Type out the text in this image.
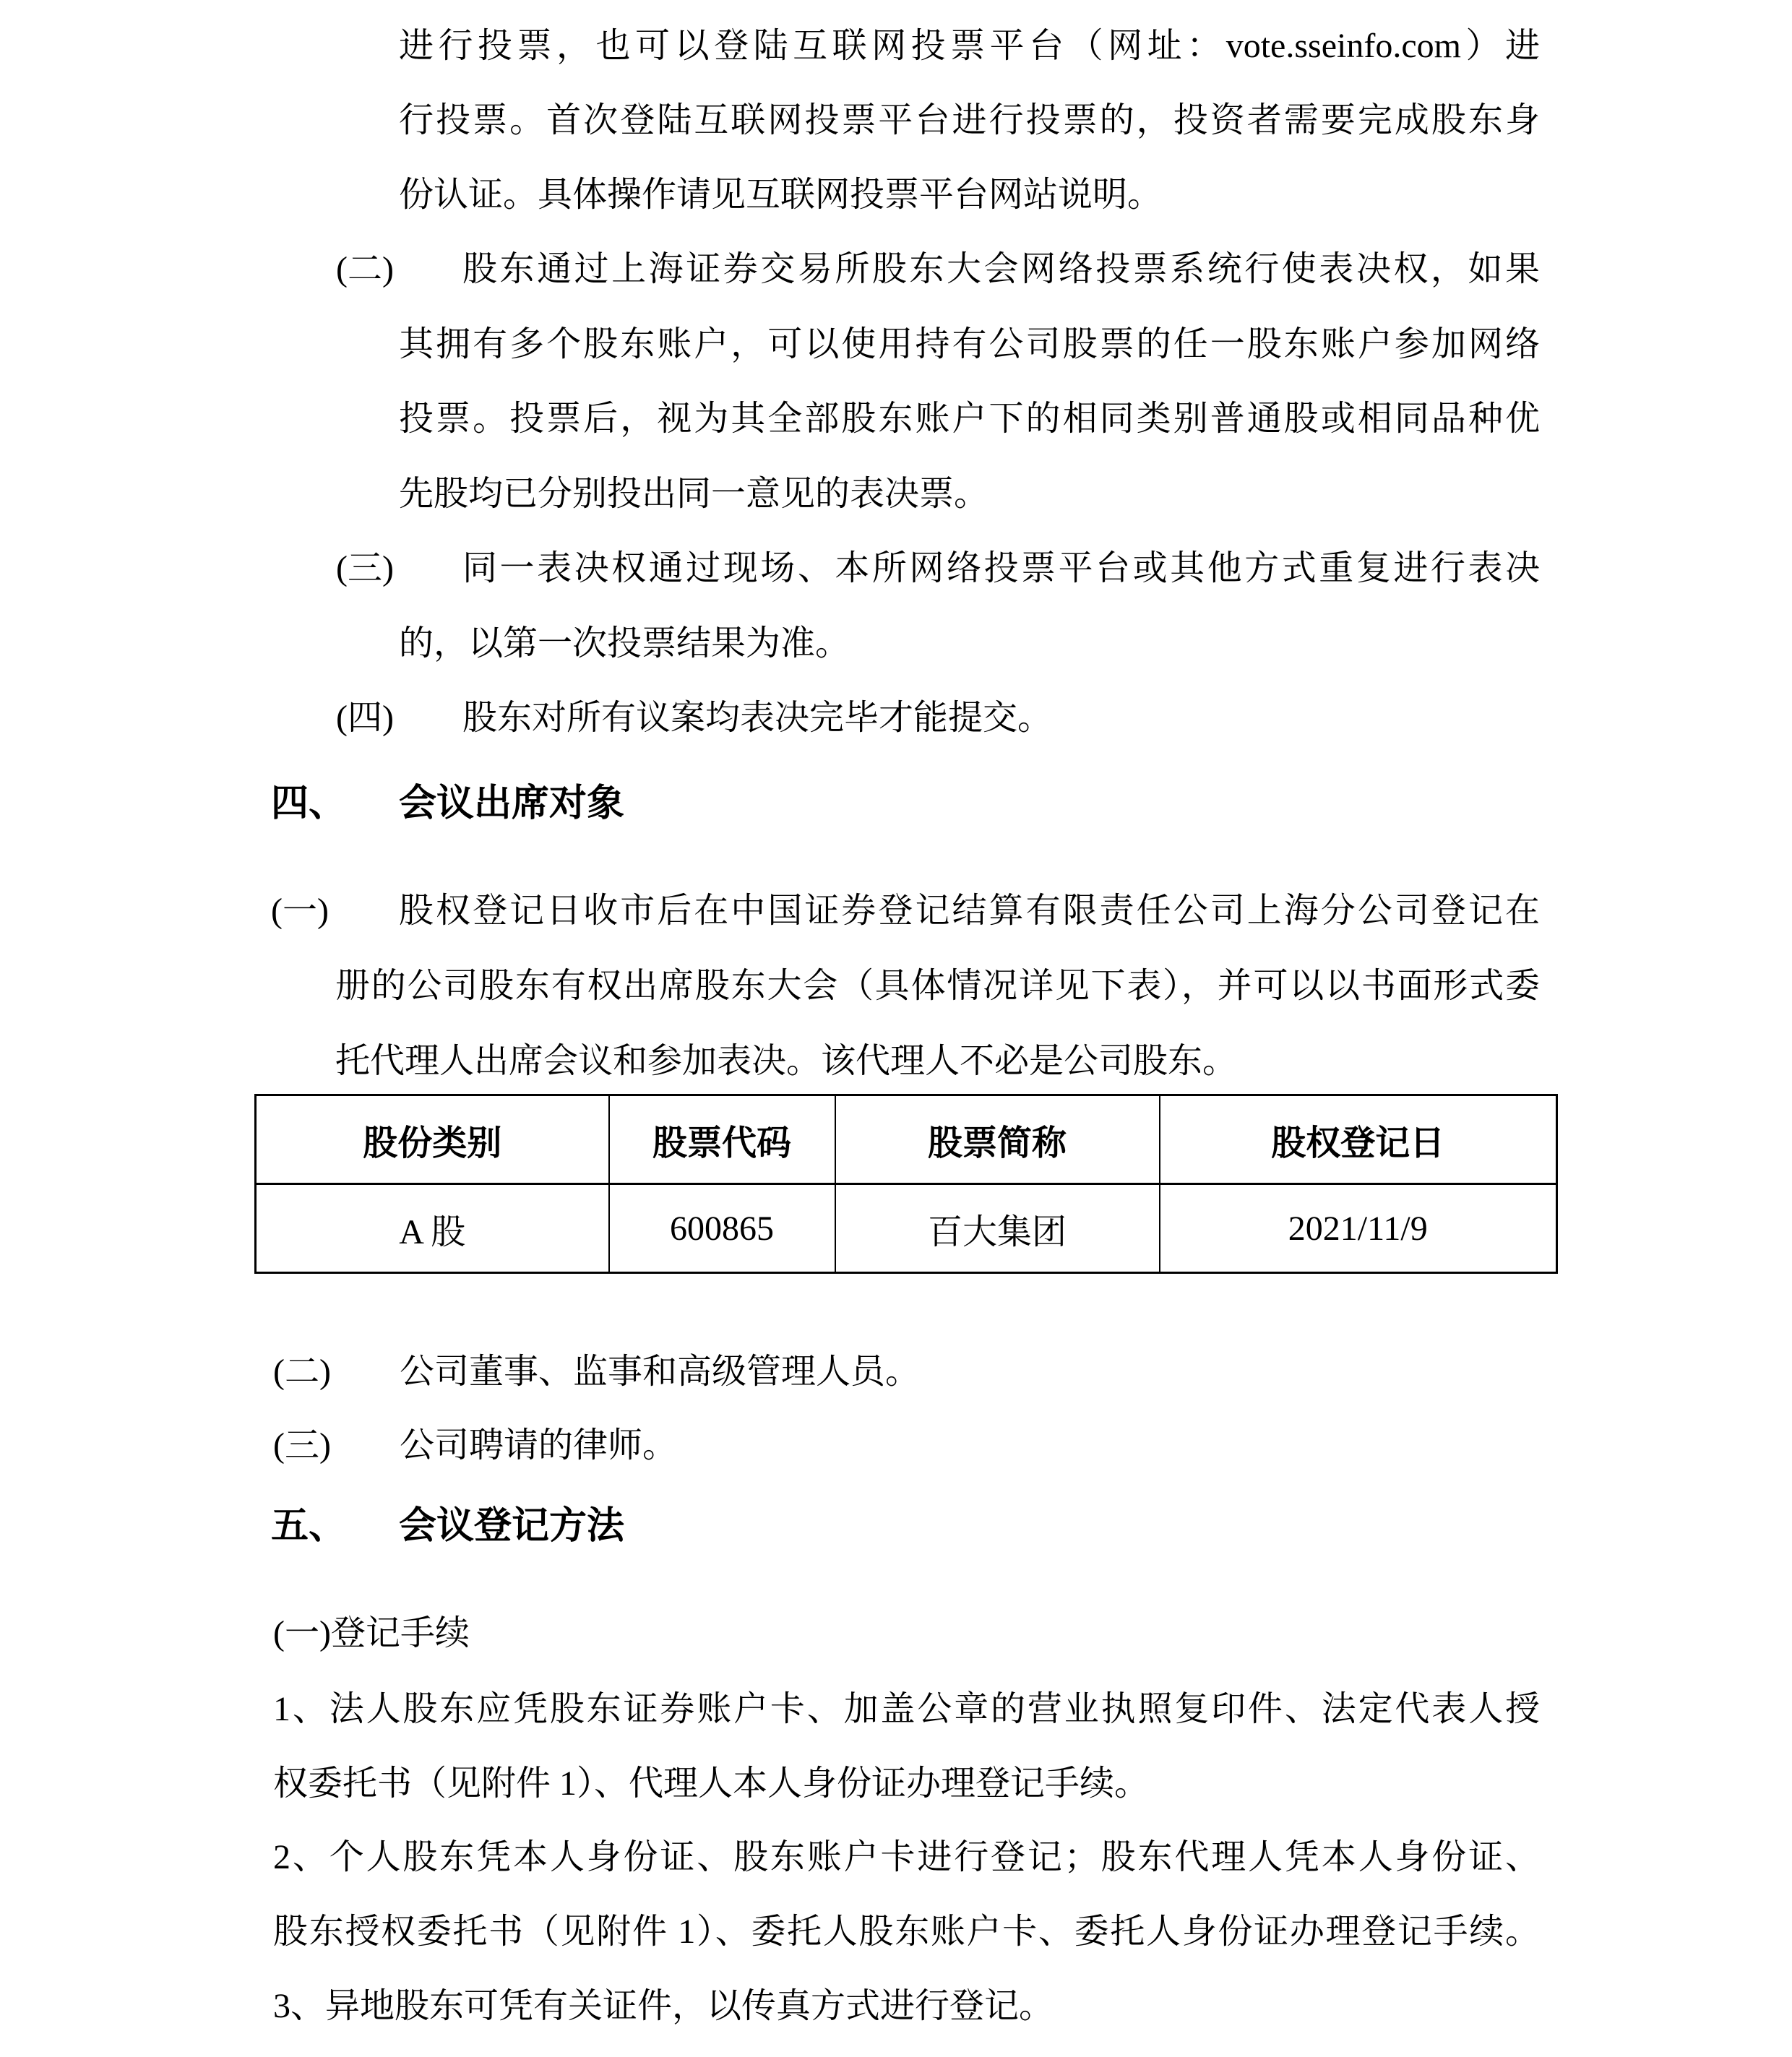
进行投票，也可以登陆互联网投票平台（网址：vote.sseinfo.com）进
行投票。首次登陆互联网投票平台进行投票的，投资者需要完成股东身
份认证。具体操作请见互联网投票平台网站说明。
(二) 股东通过上海证券交易所股东大会网络投票系统行使表决权，如果
其拥有多个股东账户，可以使用持有公司股票的任一股东账户参加网络
投票。投票后，视为其全部股东账户下的相同类别普通股或相同品种优
先股均已分别投出同一意见的表决票。
(三) 同一表决权通过现场、本所网络投票平台或其他方式重复进行表决
的，以第一次投票结果为准。
(四) 股东对所有议案均表决完毕才能提交。
四、 会议出席对象
(一) 股权登记日收市后在中国证券登记结算有限责任公司上海分公司登记在
册的公司股东有权出席股东大会（具体情况详见下表），并可以以书面形式委
托代理人出席会议和参加表决。该代理人不必是公司股东。
股份类别	股票代码	股票简称	股权登记日
A 股	600865	百大集团	2021/11/9
(二) 公司董事、监事和高级管理人员。
(三) 公司聘请的律师。
五、 会议登记方法
(一)登记手续
1、法人股东应凭股东证券账户卡、加盖公章的营业执照复印件、法定代表人授
权委托书（见附件 1）、代理人本人身份证办理登记手续。
2、个人股东凭本人身份证、股东账户卡进行登记；股东代理人凭本人身份证、
股东授权委托书（见附件 1）、委托人股东账户卡、委托人身份证办理登记手续。
3、异地股东可凭有关证件，以传真方式进行登记。
